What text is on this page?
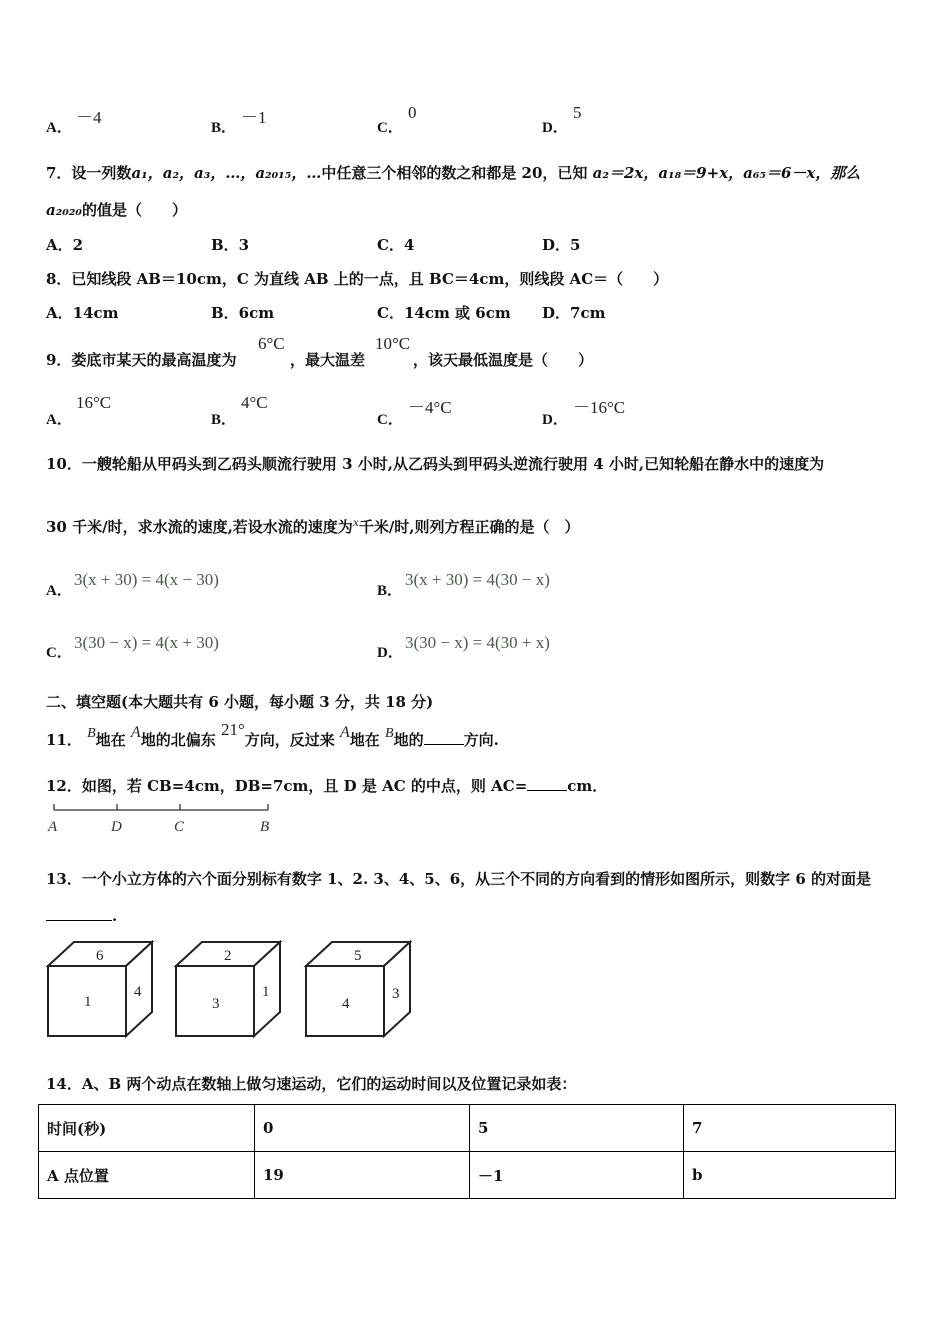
A．
－4
B．
－1
C．
0
D．
5
7．设一列数a₁，a₂，a₃，…，a₂₀₁₅，…中任意三个相邻的数之和都是 20，已知 a₂＝2x，a₁₈＝9+x，a₆₅＝6－x，那么
a₂₀₂₀的值是（　　）
A．2	B．3	C．4	D．5
8．已知线段 AB＝10cm，C 为直线 AB 上的一点，且 BC＝4cm，则线段 AC＝（　　）
A．14cm	B．6cm	C．14cm 或 6cm D．7cm
9．娄底市某天的最高温度为
6°C
，最大温差
10°C
，该天最低温度是（　　）
A．
16°C
B．
4°C
C．
－4°C
D．
－16°C
10．一艘轮船从甲码头到乙码头顺流行驶用 3 小时,从乙码头到甲码头逆流行驶用 4 小时,已知轮船在静水中的速度为
30 千米/时，求水流的速度,若设水流的速度为$^x$千米/时,则列方程正确的是（　）
A．
3(x + 30) = 4(x − 30)
B．
3(x + 30) = 4(30 − x)
C．
3(30 − x) = 4(x + 30)
D．
3(30 − x) = 4(30 + x)
二、填空题(本大题共有 6 小题，每小题 3 分，共 18 分)
11． B地在 A地的北偏东 21°方向，反过来 A地在 B地的	方向.
12．如图，若 CB=4cm，DB=7cm，且 D 是 AC 的中点，则 AC=	cm．
A	D	C	B
13．一个小立方体的六个面分别标有数字 1、2. 3、4、5、6，从三个不同的方向看到的情形如图所示，则数字 6 的对面是
.
6
1
4
2
3
1
5
4
3
14．A、B 两个动点在数轴上做匀速运动，它们的运动时间以及位置记录如表：
时间(秒)	0	5	7
A 点位置	19	－1	b
